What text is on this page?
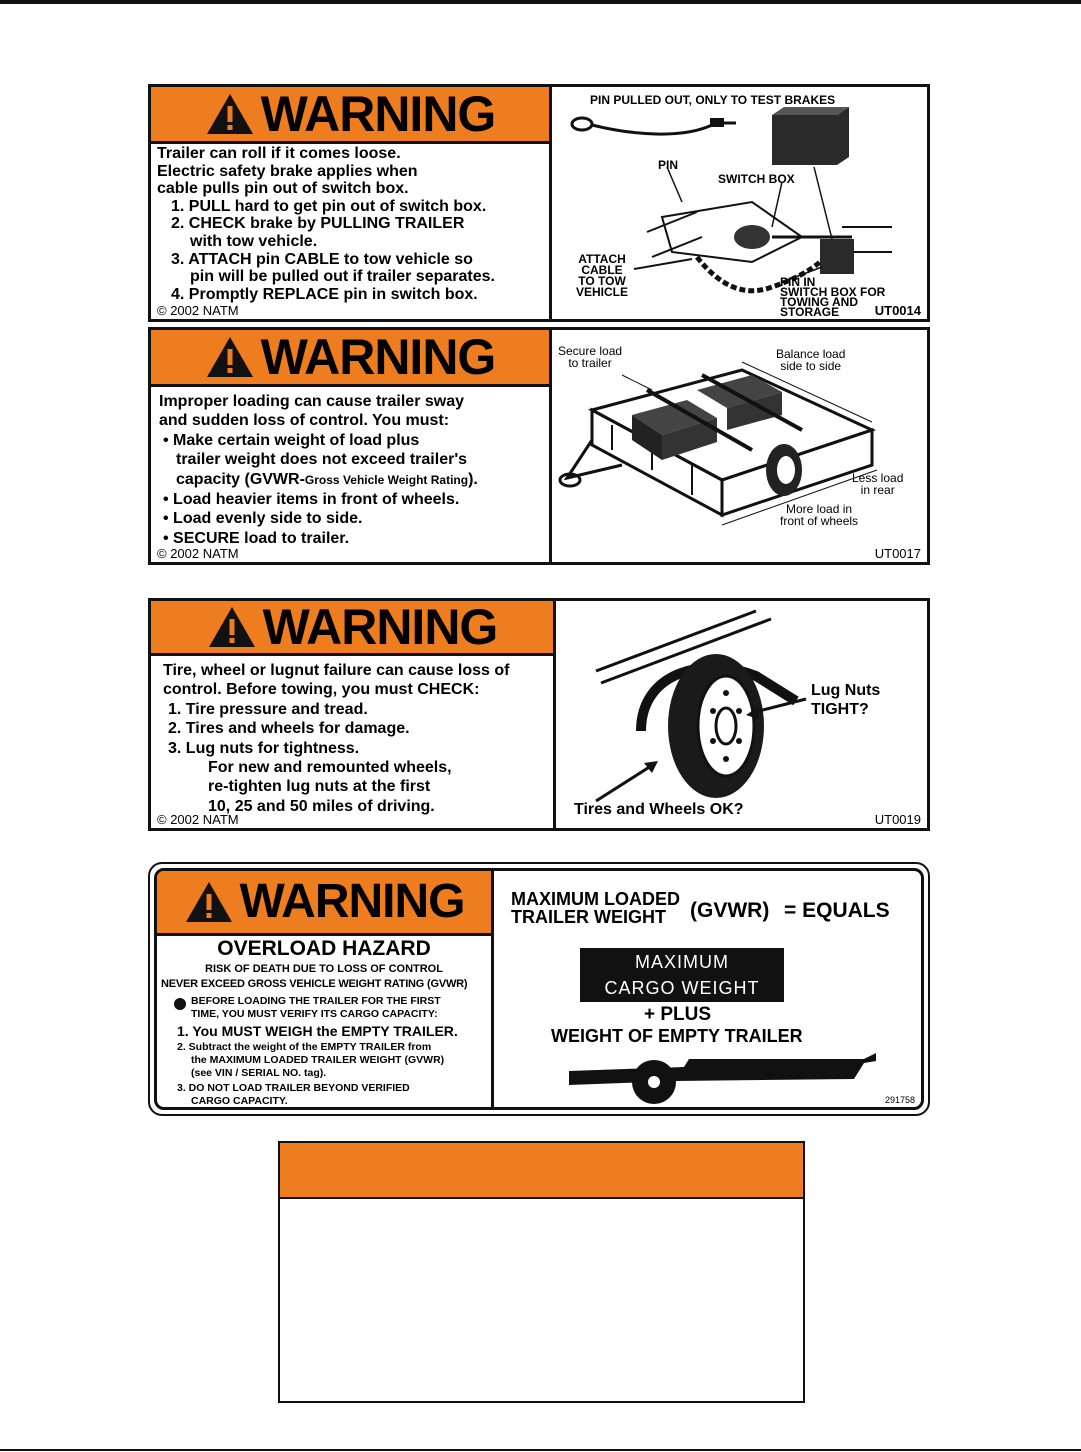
WARNING
Trailer can roll if it comes loose.
Electric safety brake applies when
cable pulls pin out of switch box.
1. PULL hard to get pin out of switch box.
2. CHECK brake by PULLING TRAILER
with tow vehicle.
3. ATTACH pin CABLE to tow vehicle so
pin will be pulled out if trailer separates.
4. Promptly REPLACE pin in switch box.
© 2002 NATM
PIN PULLED OUT, ONLY TO TEST BRAKES
PIN
SWITCH BOX
ATTACH
CABLE
TO TOW
VEHICLE
PIN IN
SWITCH BOX FOR
TOWING AND
STORAGE	UT0014
WARNING
Improper loading can cause trailer sway
and sudden loss of control. You must:
• Make certain weight of load plus
trailer weight does not exceed trailer's
capacity (GVWR-Gross Vehicle Weight Rating).
• Load heavier items in front of wheels.
• Load evenly side to side.
• SECURE load to trailer.
© 2002 NATM
Secure load
to trailer
Balance load
side to side
Less load
in rear
More load in
front of wheels
UT0017
WARNING
Tire, wheel or lugnut failure can cause loss of
control. Before towing, you must CHECK:
1. Tire pressure and tread.
2. Tires and wheels for damage.
3. Lug nuts for tightness.
For new and remounted wheels,
re-tighten lug nuts at the first
10, 25 and 50 miles of driving.
© 2002 NATM
Lug Nuts
TIGHT?
Tires and Wheels OK?
UT0019
WARNING
OVERLOAD HAZARD
RISK OF DEATH DUE TO LOSS OF CONTROL
NEVER EXCEED GROSS VEHICLE WEIGHT RATING (GVWR)
BEFORE LOADING THE TRAILER FOR THE FIRST
TIME, YOU MUST VERIFY ITS CARGO CAPACITY:
1. You MUST WEIGH the EMPTY TRAILER.
2. Subtract the weight of the EMPTY TRAILER from
the MAXIMUM LOADED TRAILER WEIGHT (GVWR)
(see VIN / SERIAL NO. tag).
3. DO NOT LOAD TRAILER BEYOND VERIFIED
CARGO CAPACITY.
MAXIMUM LOADED
TRAILER WEIGHT	(GVWR) = EQUALS
MAXIMUM
CARGO WEIGHT
+ PLUS
WEIGHT OF EMPTY TRAILER
291758
